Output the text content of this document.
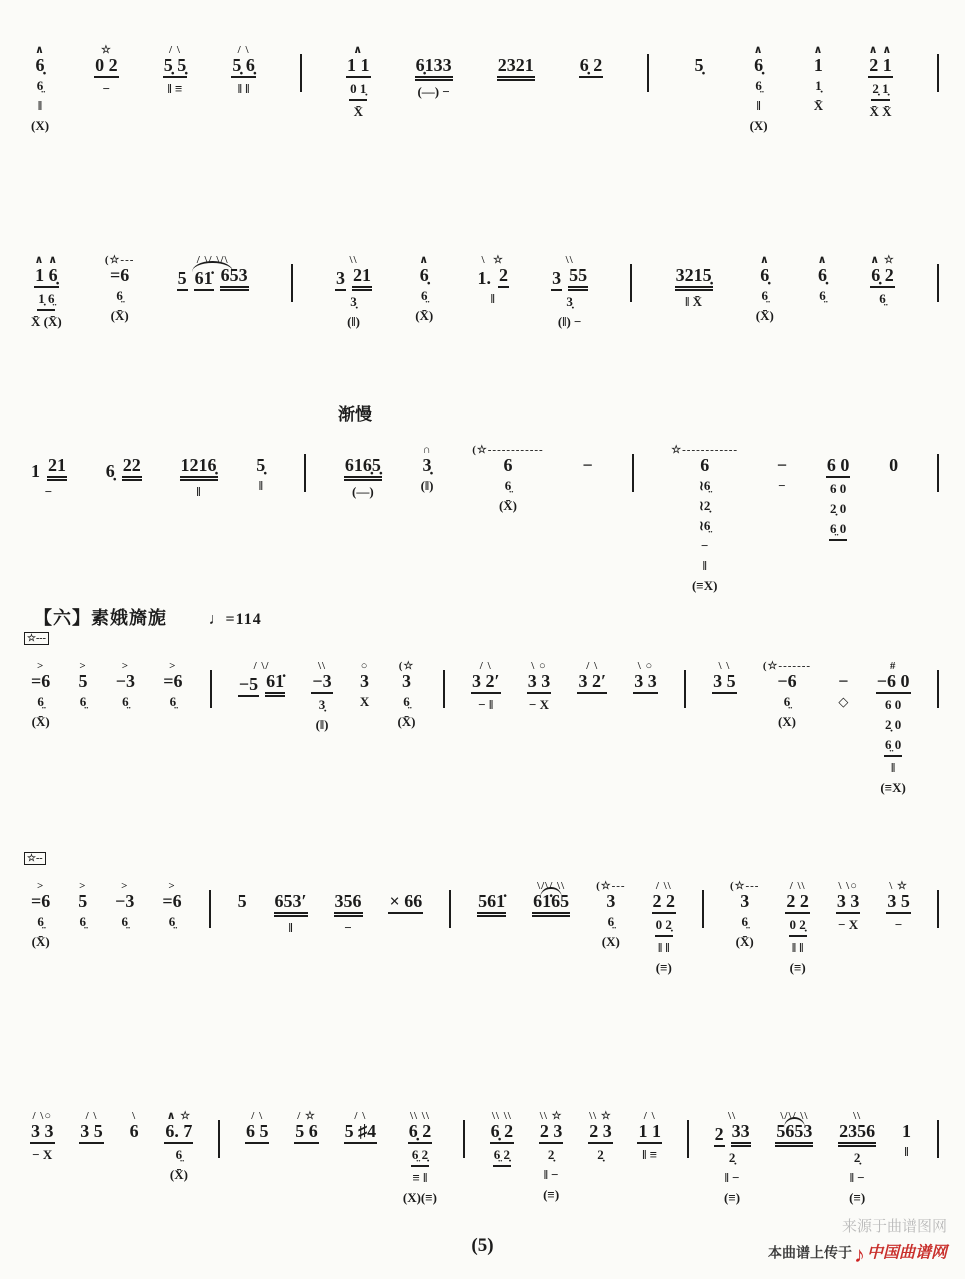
∧
6̣
6̤
‖
(X)
☆
0 2
−
/ \
5̣ 5̣
‖ ≡
/ \
5̣ 6̣
‖ ‖
∧
1 1
0 1̣
X̄
6̣133
(—) −
2321	6̣ 2	5̣
∧
6̣
6̤
‖
(X)
∧
1
1̣
X̄
∧ ∧
2 1
2̣ 1̣
X̄ X̄
∧ ∧
1 6̣
1̣ 6̤
X̄ (X̄)
(☆---
=6
6̤
(X̄)
/ \/ \/\
5 61̇ 653
\\
3 21
3̣
(‖)
∧
6̣
6̤
(X̄)
\  ☆
1. 2
‖
\\
3 55
3̣
(‖) −
3215̣
‖ X̄
∧
6̣
6̤
(X̄)
∧
6̣
6̤
∧ ☆
6̣ 2
6̤
渐慢
1 21
−
6̣ 22 1216̣
‖
5̣
‖
616̣5̣
(—)
∩
3̣
(‖)
(☆------------
6
6̤
(X̄)
−
☆------------
6
≀6̤
≀2̣
≀6̤
−
‖
(≡X)
−
−
6 0
6 0
2̣ 0
6̤ 0
0
☆---
>
=6
6̤
(X̄)
>
5
6̤
>
−3
6̤
>
=6
6̤
/ \/
−5 61̇
\\
−3
3̣
(‖)
○
3
X
(☆
3
6̤
(X̄)
/ \
3 2′
− ‖
\ ○
3 3
− X
/ \
3 2′
\ ○
3 3
\ \
3 5
(☆-------
−6
6̤
(X)
−
◇
#
−6 0
6 0
2̣ 0
6̤ 0
‖
(≡X)
☆--
>
=6
6̤
(X̄)
>
5
6̤
>
−3
6̤
>
=6
6̤
5 653′
‖
356
−
× 66	561̇
\/\/ \\
61̇65
(☆---
3
6̤
(X)
/ \\
2 2
0 2̣
‖ ‖
(≡)
(☆---
3
6̤
(X̄)
/ \\
2 2
0 2̣
‖ ‖
(≡)
\ \○
3 3
− X
\ ☆
3 5
−
/ \○
3 3
− X
/ \
3 5
\
6
∧ ☆
6. 7
6̤
(X̄)
/ \
6 5
/ ☆
5 6
/ \
5 ♯4
\\ \\
6̣ 2
6̤ 2̣
≡ ‖
(X)(≡)
\\ \\
6̣ 2
6̤ 2̣
\\ ☆
2 3
2̣
‖ −
(≡)
\\ ☆
2 3
2̣
/ \
1 1
‖ ≡
\\
2 33
2̣
‖ −
(≡)
\/\/ \\
5653
\\
2356
2̣
‖ −
(≡)
1
‖
【六】素娥旖旎	♩=114
(5)
来源于曲谱图网
本曲谱上传于♪ 中国曲谱网
